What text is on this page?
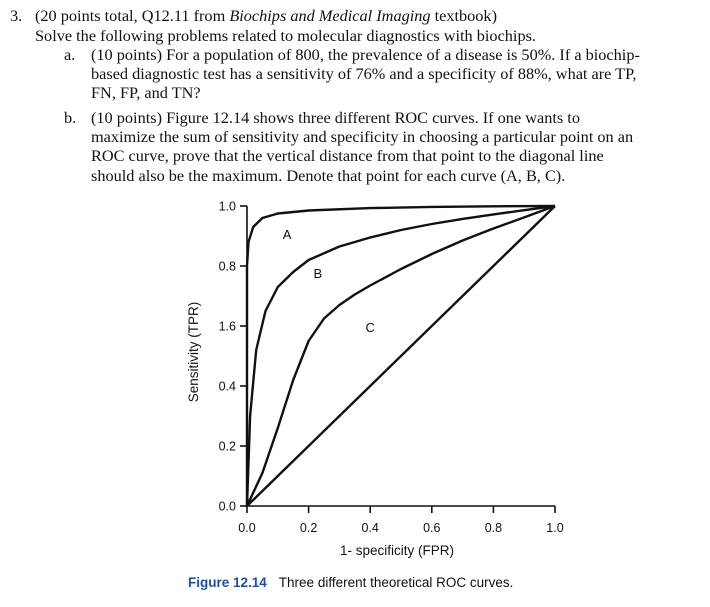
3. (20 points total, Q12.11 from Biochips and Medical Imaging textbook)
Solve the following problems related to molecular diagnostics with biochips.
a. (10 points) For a population of 800, the prevalence of a disease is 50%. If a biochip-
based diagnostic test has a sensitivity of 76% and a specificity of 88%, what are TP,
FN, FP, and TN?
b. (10 points) Figure 12.14 shows three different ROC curves. If one wants to
maximize the sum of sensitivity and specificity in choosing a particular point on an
ROC curve, prove that the vertical distance from that point to the diagonal line
should also be the maximum. Denote that point for each curve (A, B, C).
A
B
C
0.0	0.2	0.4	0.6	0.8	1.0
0.0
0.2
0.4
1.6
0.8
1.0
1- specificity (FPR)
Sensitivity (TPR)
Figure 12.14 Three different theoretical ROC curves.
